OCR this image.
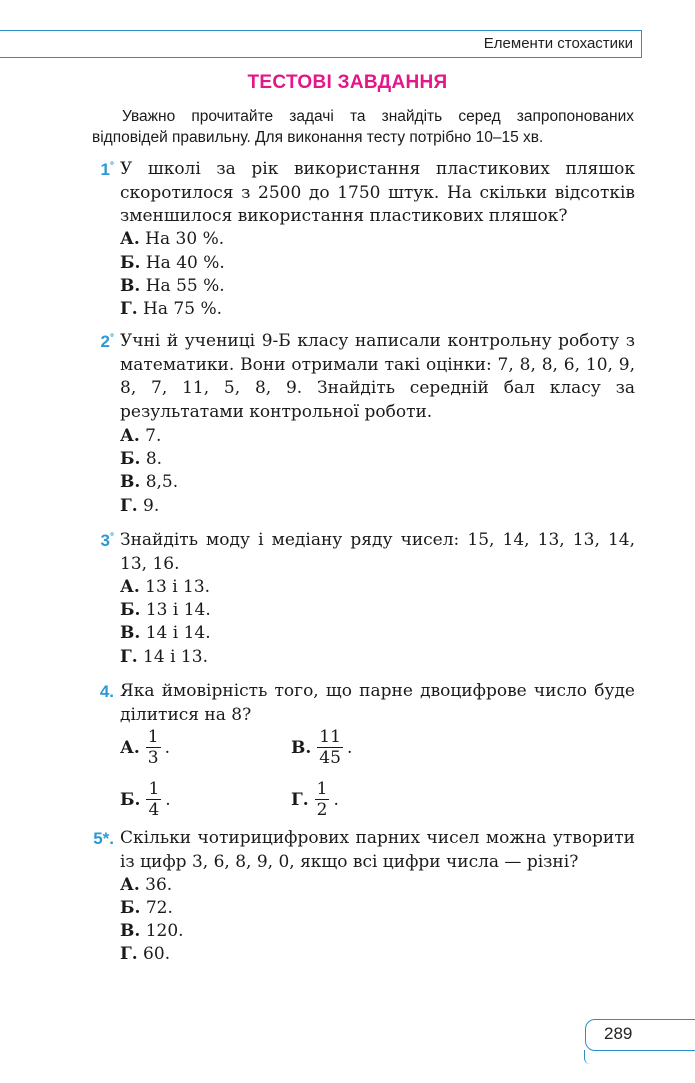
Елементи стохастики
ТЕСТОВІ ЗАВДАННЯ
Уважно прочитайте задачі та знайдіть серед запропонованих відповідей правильну. Для виконання тесту потрібно 10–15 хв.
1° У школі за рік використання пластикових пляшок скоротилося з 2500 до 1750 штук. На скільки відсотків зменшилося використання пластикових пляшок?
А. На 30 %.
Б. На 40 %.
В. На 55 %.
Г. На 75 %.
2° Учні й учениці 9-Б класу написали контрольну роботу з математики. Вони отримали такі оцінки: 7, 8, 8, 6, 10, 9, 8, 7, 11, 5, 8, 9. Знайдіть середній бал класу за результатами контрольної роботи.
А. 7.
Б. 8.
В. 8,5.
Г. 9.
3° Знайдіть моду і медіану ряду чисел: 15, 14, 13, 13, 14, 13, 16.
А. 13 і 13.
Б. 13 і 14.
В. 14 і 14.
Г. 14 і 13.
4. Яка ймовірність того, що парне двоцифрове число буде ділитися на 8?
А. $\frac{1}{3}$ .	В. $\frac{11}{45}$ .
Б. $\frac{1}{4}$ .	Г. $\frac{1}{2}$ .
5*. Скільки чотирицифрових парних чисел можна утворити із цифр 3, 6, 8, 9, 0, якщо всі цифри числа — різні?
А. 36.
Б. 72.
В. 120.
Г. 60.
289
